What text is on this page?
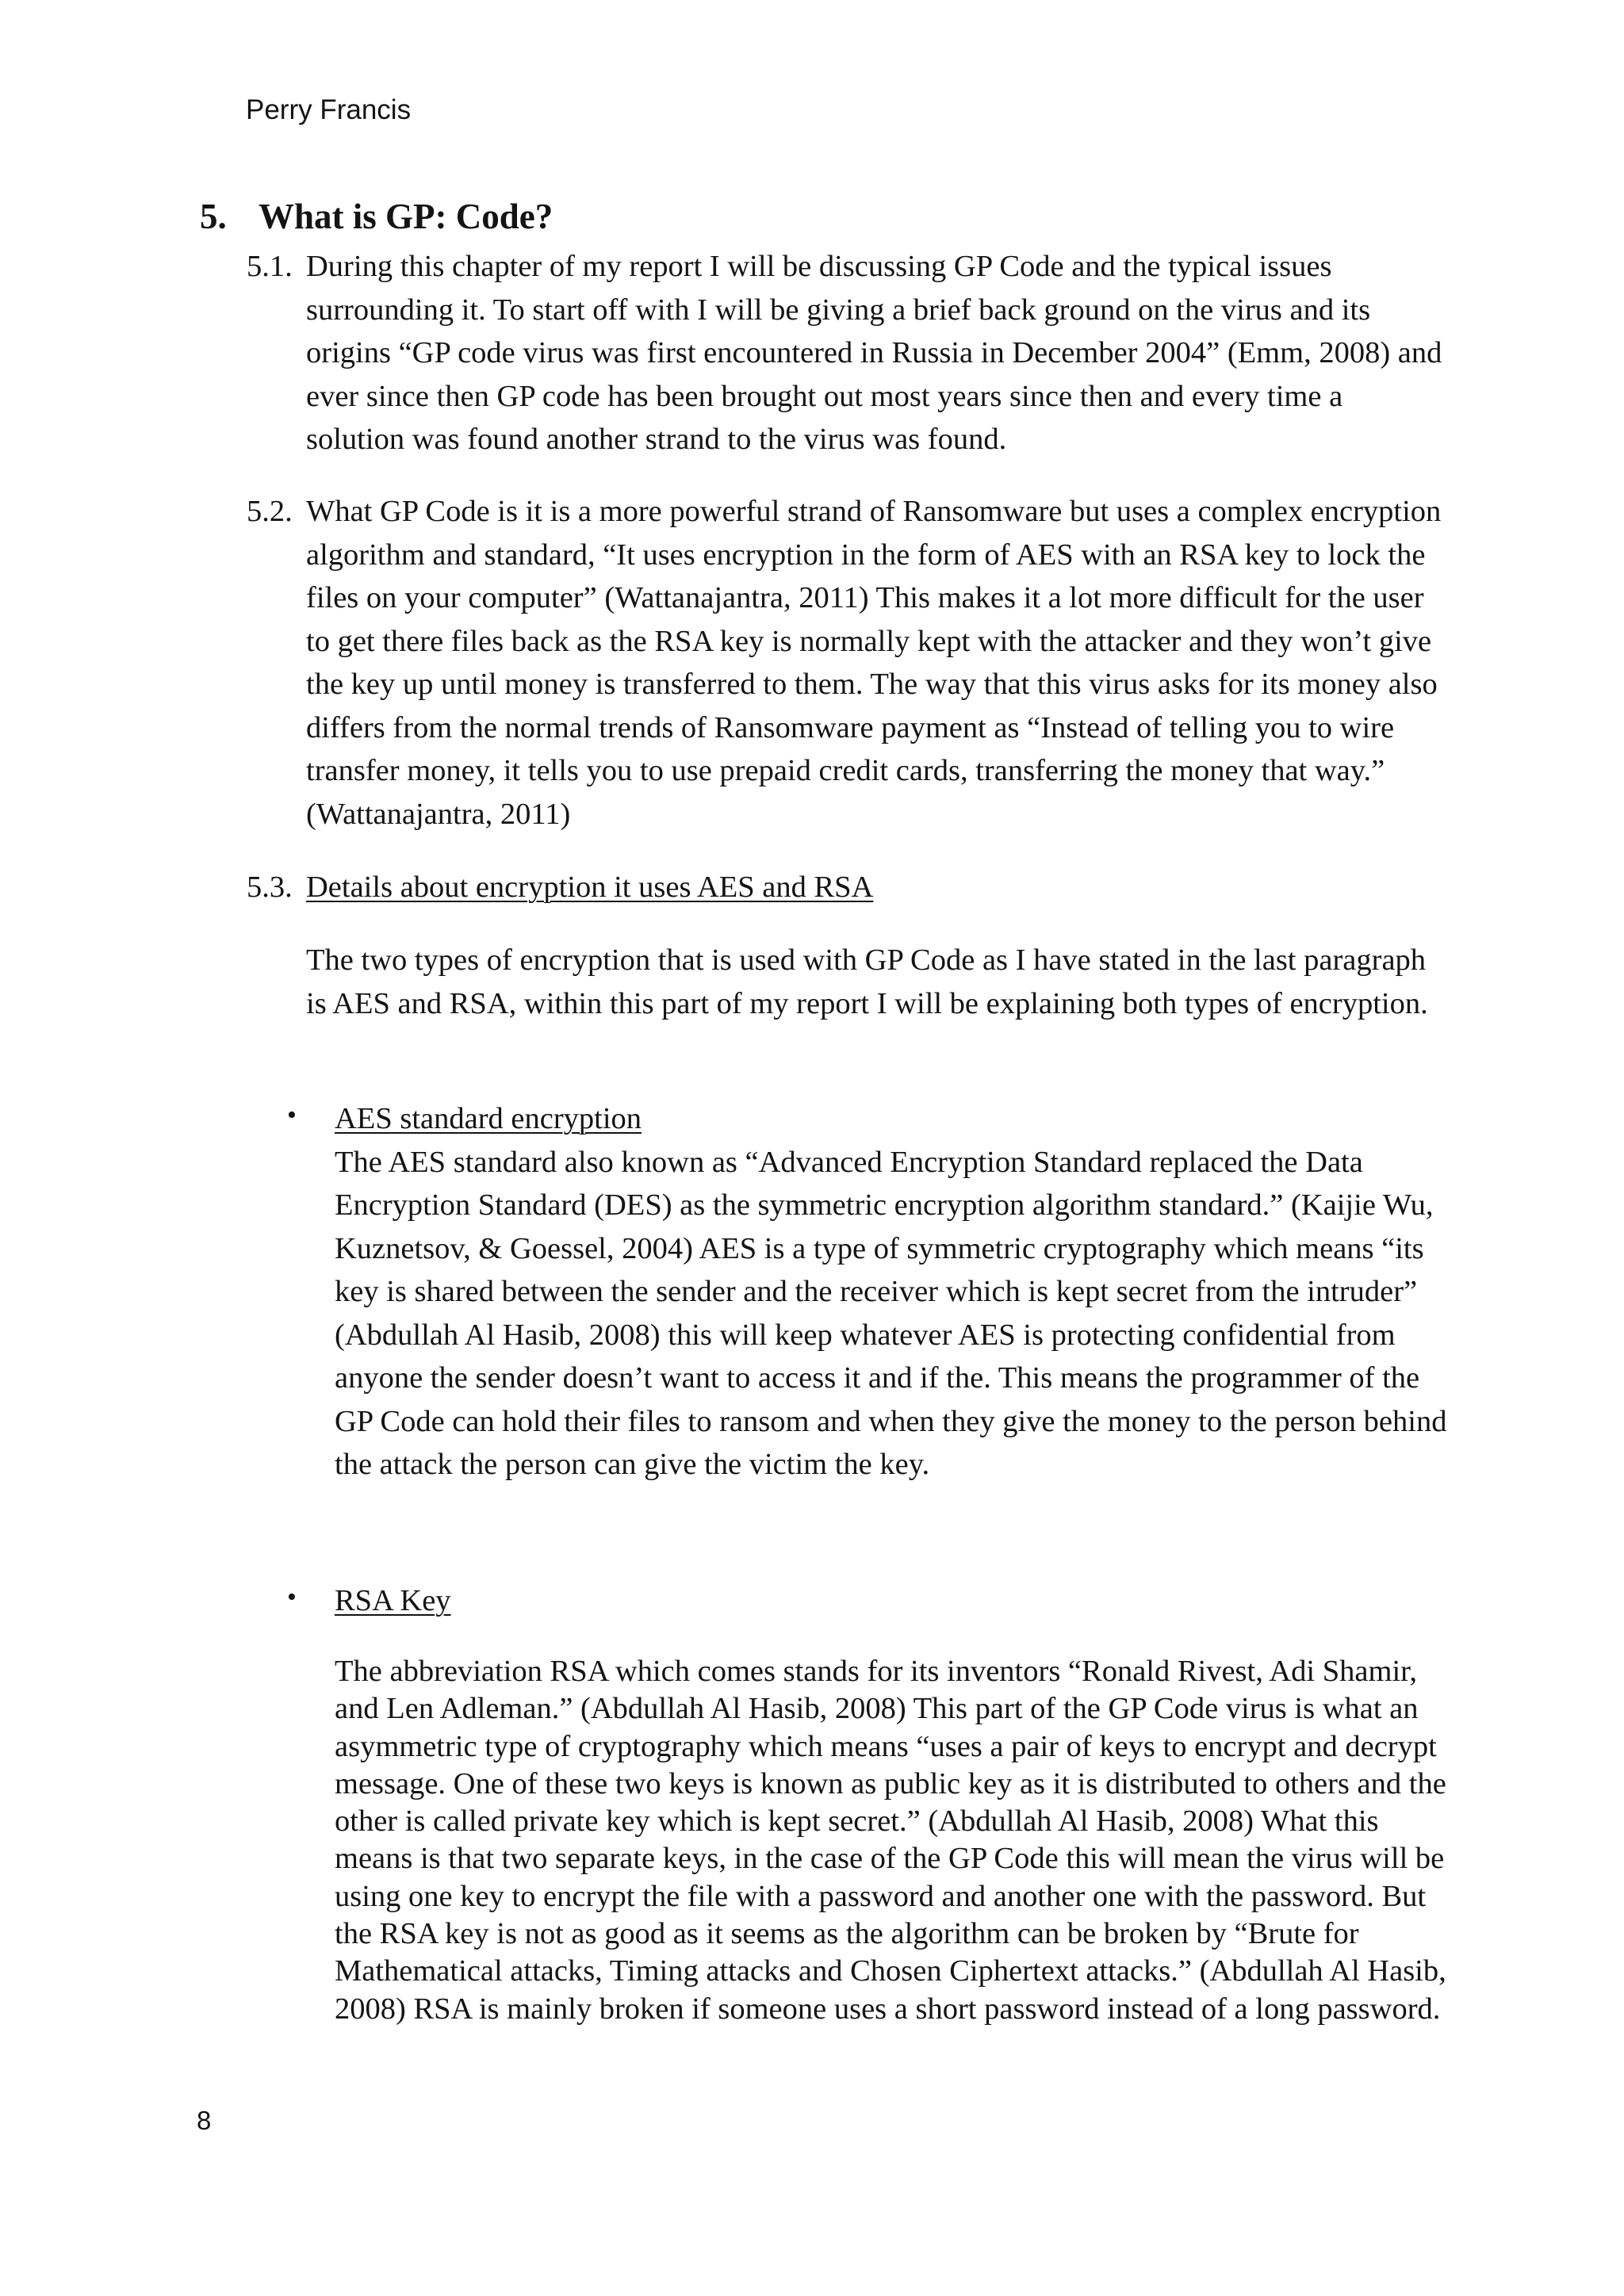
Perry Francis
5. What is GP: Code?
5.1. During this chapter of my report I will be discussing GP Code and the typical issues surrounding it. To start off with I will be giving a brief back ground on the virus and its origins “GP code virus was first encountered in Russia in December 2004” (Emm, 2008) and ever since then GP code has been brought out most years since then and every time a solution was found another strand to the virus was found.
5.2. What GP Code is it is a more powerful strand of Ransomware but uses a complex encryption algorithm and standard, “It uses encryption in the form of AES with an RSA key to lock the files on your computer” (Wattanajantra, 2011) This makes it a lot more difficult for the user to get there files back as the RSA key is normally kept with the attacker and they won’t give the key up until money is transferred to them. The way that this virus asks for its money also differs from the normal trends of Ransomware payment as “Instead of telling you to wire transfer money, it tells you to use prepaid credit cards, transferring the money that way.” (Wattanajantra, 2011)
5.3. Details about encryption it uses AES and RSA
The two types of encryption that is used with GP Code as I have stated in the last paragraph is AES and RSA, within this part of my report I will be explaining both types of encryption.
• AES standard encryption
The AES standard also known as “Advanced Encryption Standard replaced the Data Encryption Standard (DES) as the symmetric encryption algorithm standard.” (Kaijie Wu, Kuznetsov, & Goessel, 2004) AES is a type of symmetric cryptography which means “its key is shared between the sender and the receiver which is kept secret from the intruder” (Abdullah Al Hasib, 2008) this will keep whatever AES is protecting confidential from anyone the sender doesn’t want to access it and if the. This means the programmer of the GP Code can hold their files to ransom and when they give the money to the person behind the attack the person can give the victim the key.
• RSA Key
The abbreviation RSA which comes stands for its inventors “Ronald Rivest, Adi Shamir, and Len Adleman.” (Abdullah Al Hasib, 2008) This part of the GP Code virus is what an asymmetric type of cryptography which means “uses a pair of keys to encrypt and decrypt message. One of these two keys is known as public key as it is distributed to others and the other is called private key which is kept secret.” (Abdullah Al Hasib, 2008) What this means is that two separate keys, in the case of the GP Code this will mean the virus will be using one key to encrypt the file with a password and another one with the password. But the RSA key is not as good as it seems as the algorithm can be broken by “Brute for Mathematical attacks, Timing attacks and Chosen Ciphertext attacks.” (Abdullah Al Hasib, 2008) RSA is mainly broken if someone uses a short password instead of a long password.
8
